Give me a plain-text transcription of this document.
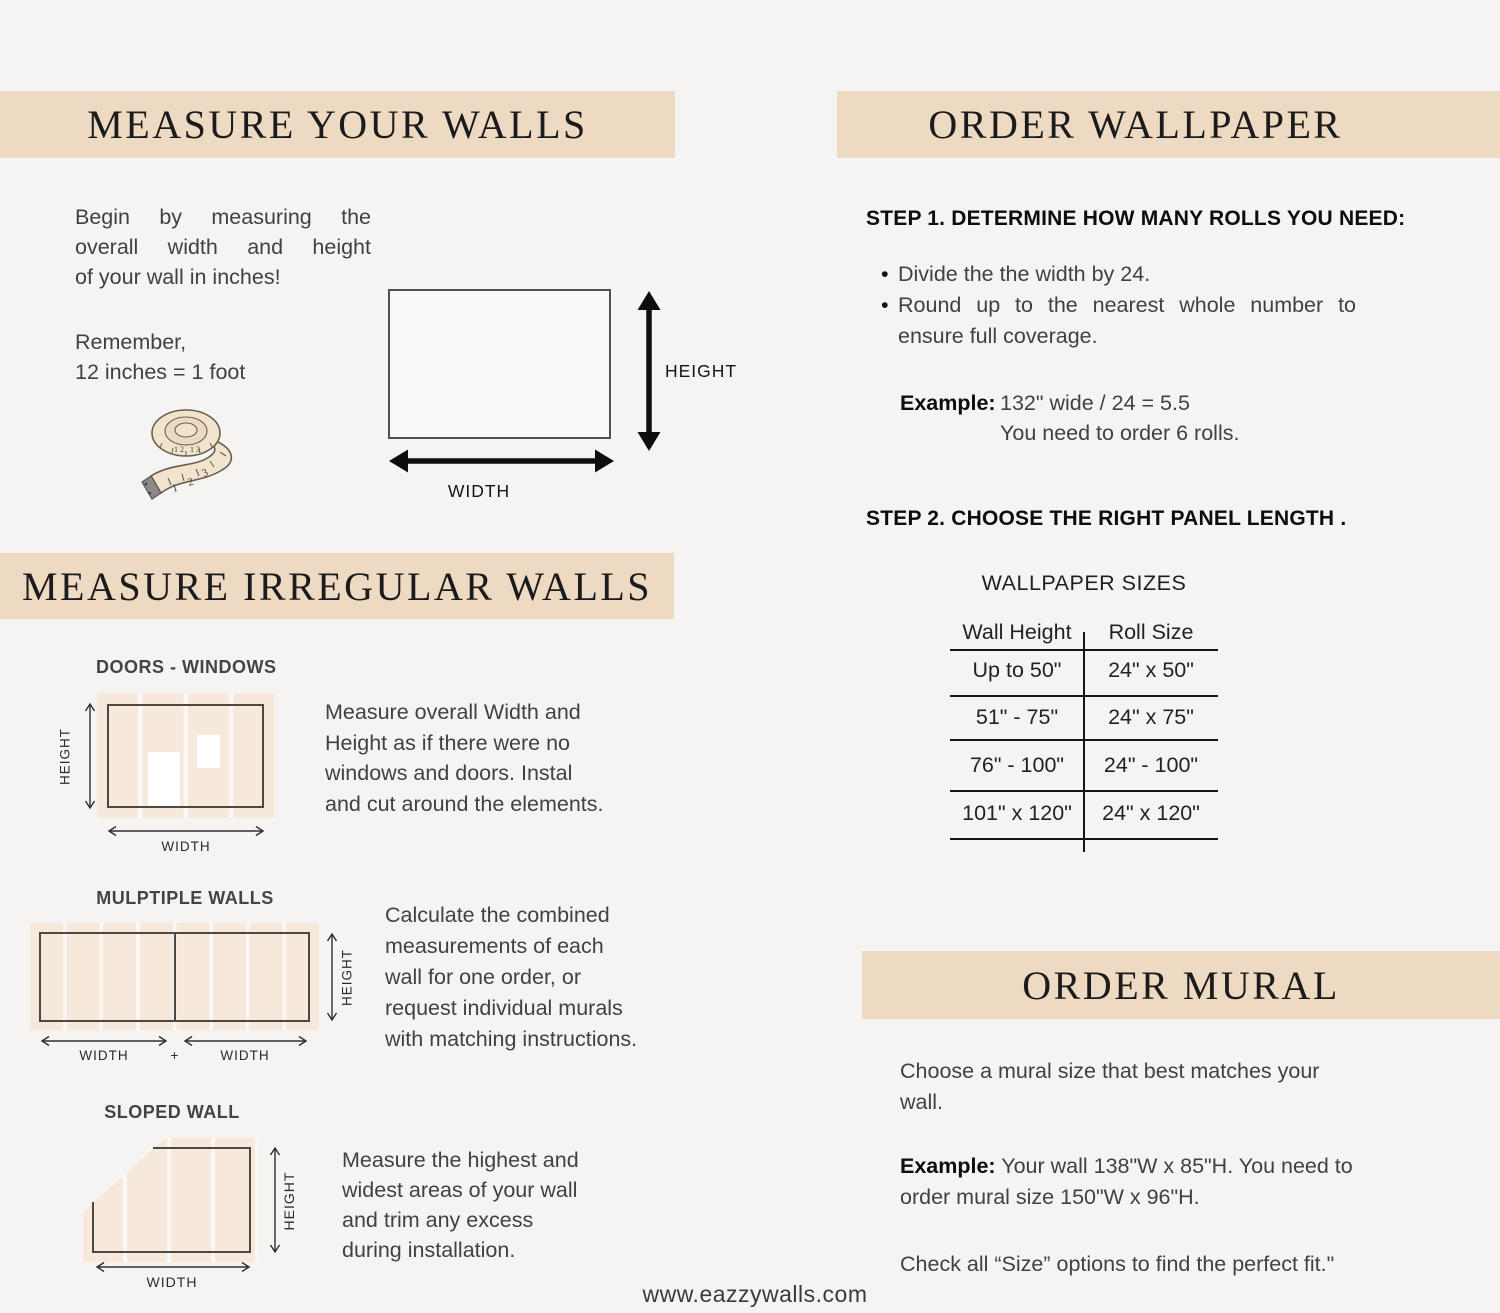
MEASURE YOUR WALLS
Begin by measuring the
overall width and height
of your wall in inches!
Remember,
12 inches = 1 foot
1 2
3
1 2 1 3
HEIGHT
WIDTH
MEASURE IRREGULAR WALLS
DOORS - WINDOWS
HEIGHT
WIDTH
Measure overall Width and
Height as if there were no
windows and doors. Instal
and cut around the elements.
MULPTIPLE WALLS
HEIGHT
WIDTH	+	WIDTH
Calculate the combined
measurements of each
wall for one order, or
request individual murals
with matching instructions.
SLOPED WALL
HEIGHT
WIDTH
Measure the highest and
widest areas of your wall
and trim any excess
during installation.
ORDER WALLPAPER
STEP 1. DETERMINE HOW MANY ROLLS YOU NEED:
• Divide the the width by 24.
• Round up to the nearest whole number to
ensure full coverage.
Example: 132" wide / 24 = 5.5
You need to order 6 rolls.
STEP 2. CHOOSE THE RIGHT PANEL LENGTH .
WALLPAPER SIZES
Wall Height	Roll Size
Up to 50"	24" x 50"
51" - 75"	24" x 75"
76" - 100"	24" - 100"
101" x 120"	24" x 120"
ORDER MURAL
Choose a mural size that best matches your
wall.
Example: Your wall 138"W x 85"H. You need to
order mural size 150"W x 96"H.
Check all “Size” options to find the perfect fit."
www.eazzywalls.com
